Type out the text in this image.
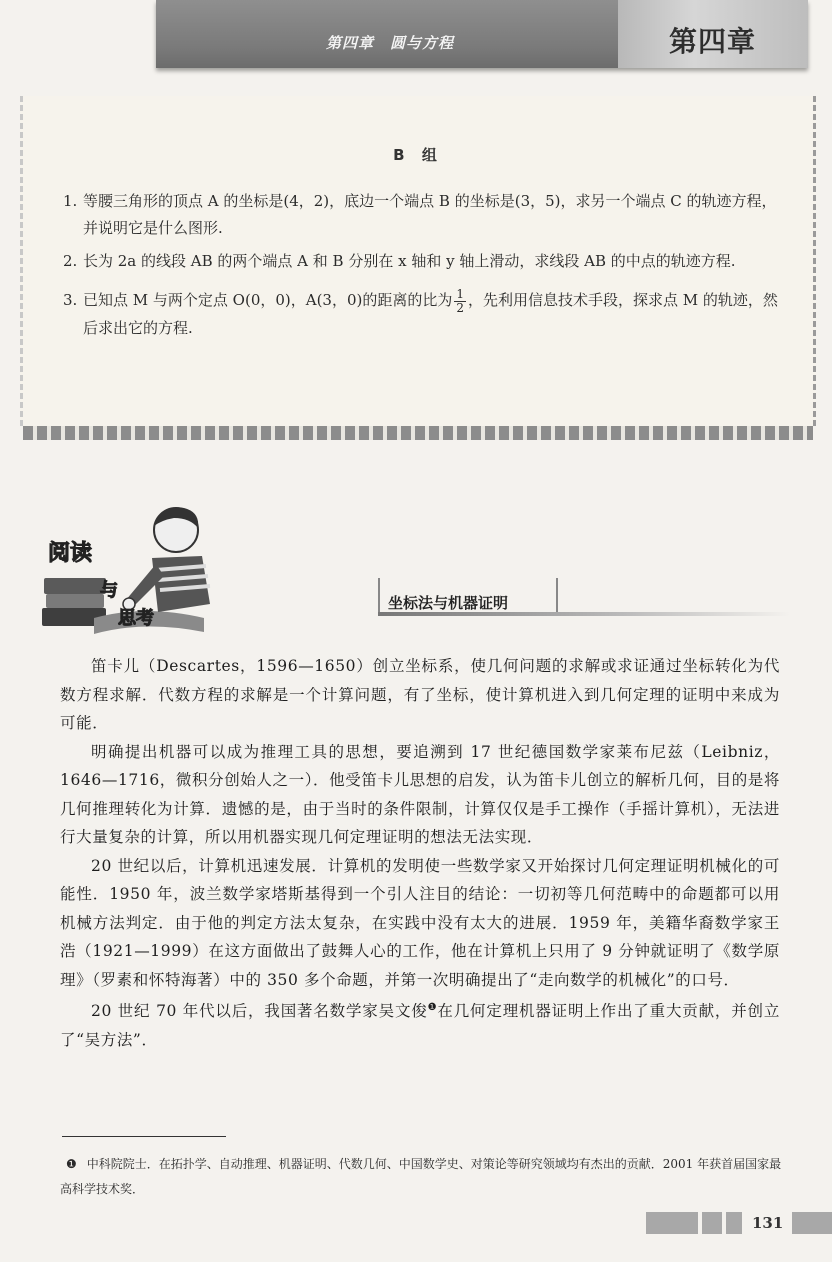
第四章　圆与方程	第四章
B 组
1. 等腰三角形的顶点 A 的坐标是(4，2)，底边一个端点 B 的坐标是(3，5)，求另一个端点 C 的轨迹方程，并说明它是什么图形.
2. 长为 2a 的线段 AB 的两个端点 A 和 B 分别在 x 轴和 y 轴上滑动，求线段 AB 的中点的轨迹方程.
3. 已知点 M 与两个定点 O(0，0)，A(3，0)的距离的比为 $\frac{1}{2}$ ，先利用信息技术手段，探求点 M 的轨迹，然后求出它的方程.
阅读
与
思考
坐标法与机器证明

笛卡儿（Descartes，1596—1650）创立坐标系，使几何问题的求解或求证通过坐标转化为代数方程求解．代数方程的求解是一个计算问题，有了坐标，使计算机进入到几何定理的证明中来成为可能．

明确提出机器可以成为推理工具的思想，要追溯到 17 世纪德国数学家莱布尼兹（Leibniz，1646—1716，微积分创始人之一）．他受笛卡儿思想的启发，认为笛卡儿创立的解析几何，目的是将几何推理转化为计算．遗憾的是，由于当时的条件限制，计算仅仅是手工操作（手摇计算机），无法进行大量复杂的计算，所以用机器实现几何定理证明的想法无法实现．

20 世纪以后，计算机迅速发展．计算机的发明使一些数学家又开始探讨几何定理证明机械化的可能性．1950 年，波兰数学家塔斯基得到一个引人注目的结论：一切初等几何范畴中的命题都可以用机械方法判定．由于他的判定方法太复杂，在实践中没有太大的进展．1959 年，美籍华裔数学家王浩（1921—1999）在这方面做出了鼓舞人心的工作，他在计算机上只用了 9 分钟就证明了《数学原理》（罗素和怀特海著）中的 350 多个命题，并第一次明确提出了“走向数学的机械化”的口号．

20 世纪 70 年代以后，我国著名数学家吴文俊$^❶$在几何定理机器证明上作出了重大贡献，并创立了“吴方法”．

❶ 中科院院士．在拓扑学、自动推理、机器证明、代数几何、中国数学史、对策论等研究领域均有杰出的贡献．2001 年获首届国家最高科学技术奖．
131
